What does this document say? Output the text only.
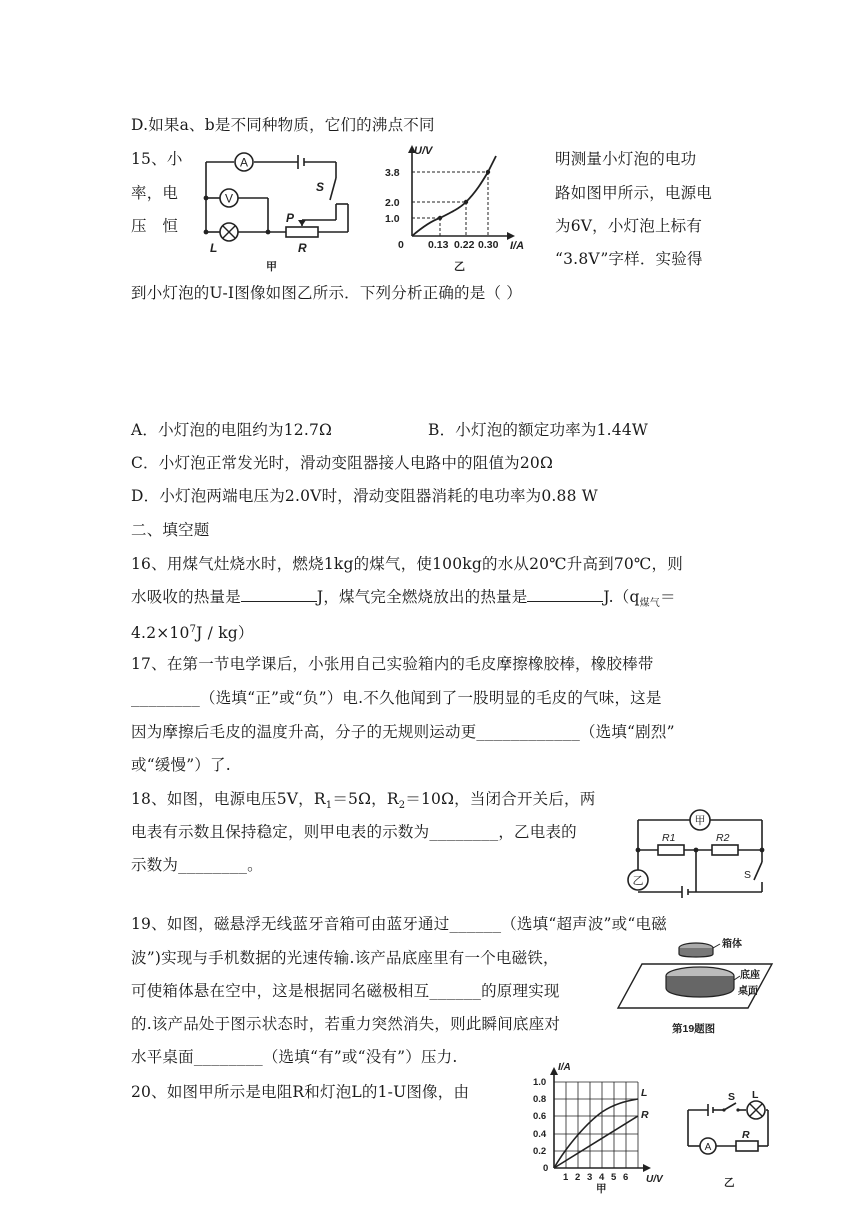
D.如果a、b是不同种物质，它们的沸点不同
15、小	明测量小灯泡的电功
率，电	路如图甲所示，电源电
压　恒	为6V，小灯泡上标有
“3.8V”字样．实验得
到小灯泡的U-I图像如图乙所示．下列分析正确的是（ ）
A
V
L
S
P
R
甲
U/V
I/A
3.8
2.0
1.0
0 0.13 0.22 0.30
乙
A．小灯泡的电阻约为12.7Ω	B．小灯泡的额定功率为1.44W
C．小灯泡正常发光时，滑动变阻器接人电路中的阻值为20Ω
D．小灯泡两端电压为2.0V时，滑动变阻器消耗的电功率为0.88 W
二、填空题
16、用煤气灶烧水时，燃烧1kg的煤气，使100kg的水从20℃升高到70℃，则
水吸收的热量是	J，煤气完全燃烧放出的热量是	$J.(q_{煤气}=$
$4.2\times 10^7J / kg$）
17、在第一节电学课后，小张用自己实验箱内的毛皮摩擦橡胶棒，橡胶棒带
________（选填“正”或“负”）电.不久他闻到了一股明显的毛皮的气味，这是
因为摩擦后毛皮的温度升高，分子的无规则运动更____________（选填“剧烈”
或“缓慢”）了.
18、如图，电源电压5V，$R_1=5\Omega$，$R_2=10\Omega$，当闭合开关后，两
电表有示数且保持稳定，则甲电表的示数为________，乙电表的
示数为________。
甲
乙
R1	R2
S
19、如图，磁悬浮无线蓝牙音箱可由蓝牙通过______（选填“超声波”或“电磁
波”)实现与手机数据的光速传输.该产品底座里有一个电磁铁，
可使箱体悬在空中，这是根据同名磁极相互______的原理实现
的.该产品处于图示状态时，若重力突然消失，则此瞬间底座对
水平桌面________（选填“有”或“没有”）压力.
箱体
底座
桌面
第19题图
20、如图甲所示是电阻R和灯泡L的1-U图像，由
I/A
U/V
1.0
0.8
0.6
0.4
0.2
0
1 2 3 4 5 6
L
R
甲
A
S L
R
乙
